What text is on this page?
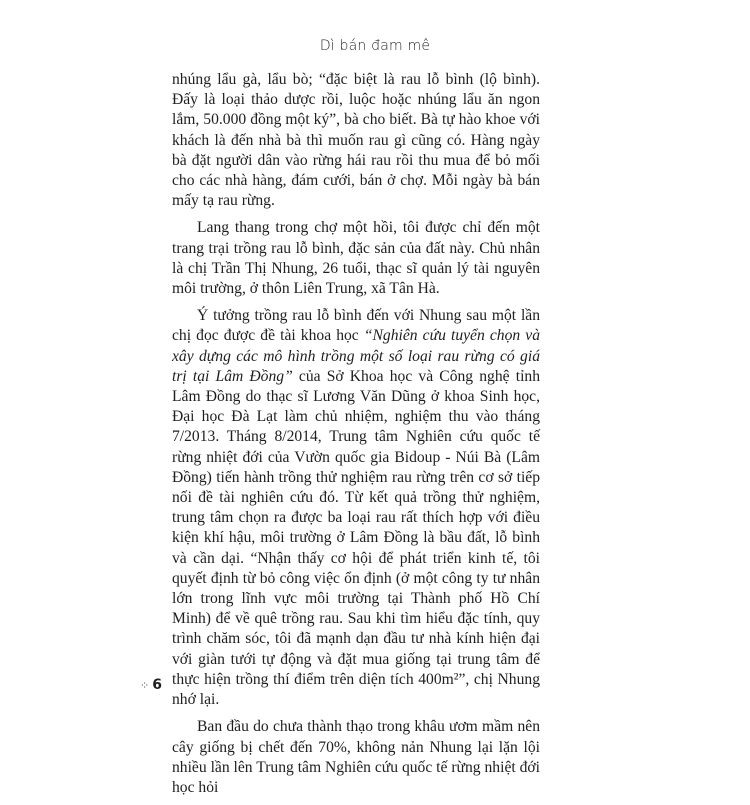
Dì bán đam mê

nhúng lẩu gà, lẩu bò; “đặc biệt là rau lỗ bình (lộ bình). Đấy là loại thảo dược rồi, luộc hoặc nhúng lẩu ăn ngon lắm, 50.000 đồng một ký”, bà cho biết. Bà tự hào khoe với khách là đến nhà bà thì muốn rau gì cũng có. Hàng ngày bà đặt người dân vào rừng hái rau rồi thu mua để bỏ mối cho các nhà hàng, đám cưới, bán ở chợ. Mỗi ngày bà bán mấy tạ rau rừng.

Lang thang trong chợ một hồi, tôi được chỉ đến một trang trại trồng rau lỗ bình, đặc sản của đất này. Chủ nhân là chị Trần Thị Nhung, 26 tuổi, thạc sĩ quản lý tài nguyên môi trường, ở thôn Liên Trung, xã Tân Hà.

Ý tưởng trồng rau lỗ bình đến với Nhung sau một lần chị đọc được đề tài khoa học “Nghiên cứu tuyển chọn và xây dựng các mô hình trồng một số loại rau rừng có giá trị tại Lâm Đồng” của Sở Khoa học và Công nghệ tỉnh Lâm Đồng do thạc sĩ Lương Văn Dũng ở khoa Sinh học, Đại học Đà Lạt làm chủ nhiệm, nghiệm thu vào tháng 7/2013. Tháng 8/2014, Trung tâm Nghiên cứu quốc tế rừng nhiệt đới của Vườn quốc gia Bidoup - Núi Bà (Lâm Đồng) tiến hành trồng thử nghiệm rau rừng trên cơ sở tiếp nối đề tài nghiên cứu đó. Từ kết quả trồng thử nghiệm, trung tâm chọn ra được ba loại rau rất thích hợp với điều kiện khí hậu, môi trường ở Lâm Đồng là bầu đất, lỗ bình và cần dại. “Nhận thấy cơ hội để phát triển kinh tế, tôi quyết định từ bỏ công việc ổn định (ở một công ty tư nhân lớn trong lĩnh vực môi trường tại Thành phố Hồ Chí Minh) để về quê trồng rau. Sau khi tìm hiểu đặc tính, quy trình chăm sóc, tôi đã mạnh dạn đầu tư nhà kính hiện đại với giàn tưới tự động và đặt mua giống tại trung tâm để thực hiện trồng thí điểm trên diện tích 400m²”, chị Nhung nhớ lại.

Ban đầu do chưa thành thạo trong khâu ươm mầm nên cây giống bị chết đến 70%, không nản Nhung lại lặn lội nhiều lần lên Trung tâm Nghiên cứu quốc tế rừng nhiệt đới học hỏi

⁘ 6
